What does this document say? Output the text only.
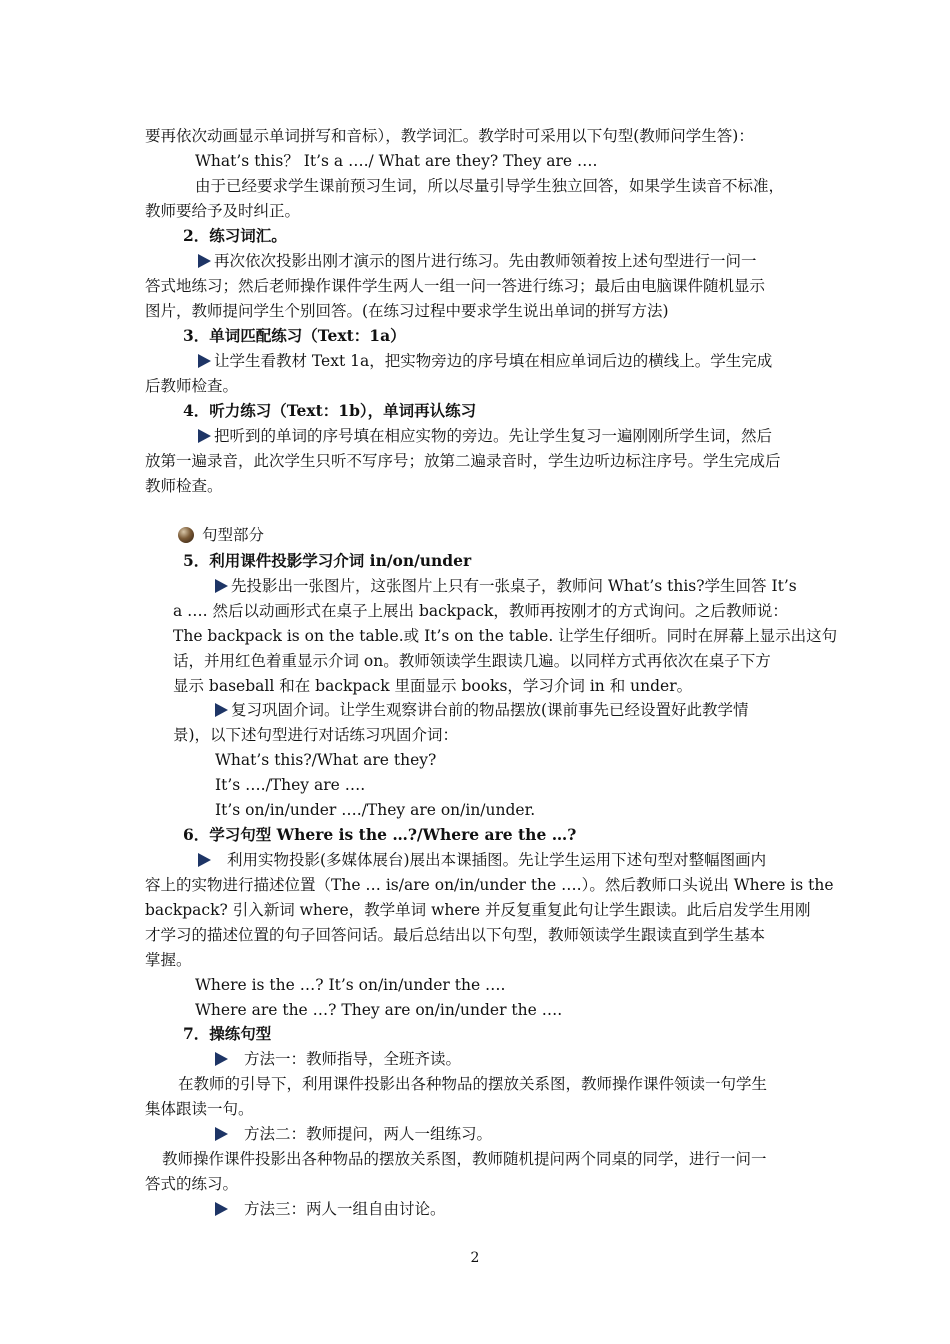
要再依次动画显示单词拼写和音标），教学词汇。教学时可采用以下句型(教师问学生答)：
What’s this？ It’s a …./ What are they? They are ….
由于已经要求学生课前预习生词，所以尽量引导学生独立回答，如果学生读音不标准，
教师要给予及时纠正。
2．练习词汇。
再次依次投影出刚才演示的图片进行练习。先由教师领着按上述句型进行一问一
答式地练习；然后老师操作课件学生两人一组一问一答进行练习；最后由电脑课件随机显示
图片，教师提问学生个别回答。(在练习过程中要求学生说出单词的拼写方法)
3．单词匹配练习（Text：1a）
让学生看教材 Text 1a，把实物旁边的序号填在相应单词后边的横线上。学生完成
后教师检查。
4．听力练习（Text：1b），单词再认练习
把听到的单词的序号填在相应实物的旁边。先让学生复习一遍刚刚所学生词，然后
放第一遍录音，此次学生只听不写序号；放第二遍录音时，学生边听边标注序号。学生完成后
教师检查。
句型部分
5．利用课件投影学习介词 in/on/under
先投影出一张图片，这张图片上只有一张桌子，教师问 What’s this?学生回答 It’s
a …. 然后以动画形式在桌子上展出 backpack，教师再按刚才的方式询问。之后教师说：
The backpack is on the table.或 It’s on the table. 让学生仔细听。同时在屏幕上显示出这句
话，并用红色着重显示介词 on。教师领读学生跟读几遍。以同样方式再依次在桌子下方
显示 baseball 和在 backpack 里面显示 books，学习介词 in 和 under。
复习巩固介词。让学生观察讲台前的物品摆放(课前事先已经设置好此教学情
景)，以下述句型进行对话练习巩固介词：
What’s this?/What are they?
It’s …./They are ….
It’s on/in/under …./They are on/in/under.
6．学习句型 Where is the …?/Where are the …?
利用实物投影(多媒体展台)展出本课插图。先让学生运用下述句型对整幅图画内
容上的实物进行描述位置（The … is/are on/in/under the ….）。然后教师口头说出 Where is the
backpack? 引入新词 where，教学单词 where 并反复重复此句让学生跟读。此后启发学生用刚
才学习的描述位置的句子回答问话。最后总结出以下句型，教师领读学生跟读直到学生基本
掌握。
Where is the …? It’s on/in/under the ….
Where are the …? They are on/in/under the ….
7．操练句型
方法一：教师指导，全班齐读。
在教师的引导下，利用课件投影出各种物品的摆放关系图，教师操作课件领读一句学生
集体跟读一句。
方法二：教师提问，两人一组练习。
教师操作课件投影出各种物品的摆放关系图，教师随机提问两个同桌的同学，进行一问一
答式的练习。
方法三：两人一组自由讨论。
2
